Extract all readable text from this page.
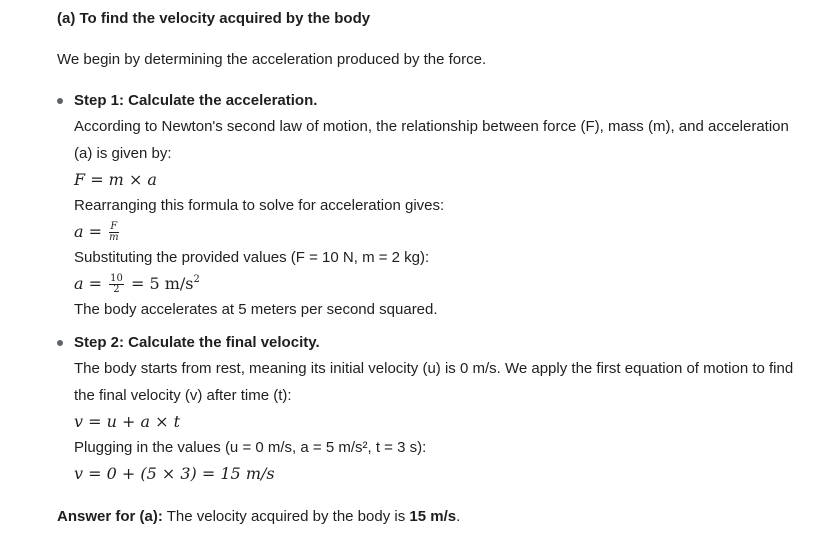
(a) To find the velocity acquired by the body
We begin by determining the acceleration produced by the force.
Step 1: Calculate the acceleration.

According to Newton's second law of motion, the relationship between force (F), mass (m), and acceleration (a) is given by:

F = m × a
Rearranging this formula to solve for acceleration gives:
$a = \frac{F}{m}$
Substituting the provided values (F = 10 N, m = 2 kg):
$a = \frac{10}{2} = 5$ $m/s^2$
The body accelerates at 5 meters per second squared.
Step 2: Calculate the final velocity.

The body starts from rest, meaning its initial velocity (u) is 0 m/s. We apply the first equation of motion to find the final velocity (v) after time (t):

v = u + a × t
Plugging in the values (u = 0 m/s, a = 5 m/s², t = 3 s):
v = 0 + (5 × 3) = 15 m/s
Answer for (a): The velocity acquired by the body is 15 m/s.
